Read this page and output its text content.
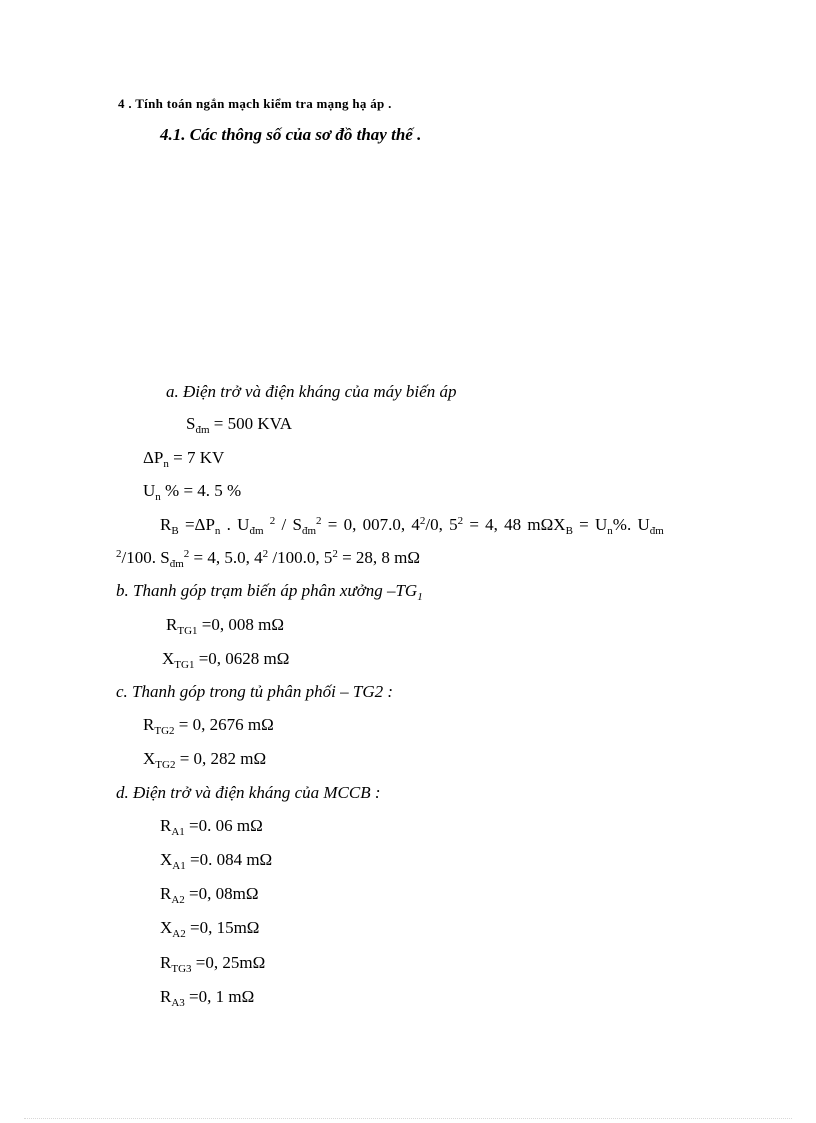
4 . Tính toán ngắn mạch kiểm tra mạng hạ áp .
4.1. Các thông số của sơ đồ thay thế .
a. Điện trở và điện kháng của máy biến áp
$S_{đm} = 500$ KVA
$\Delta P_n = 7$ KV
$U_n$ % = 4. 5 %
$R_B =\Delta P_n$ . $U_{đm}$ $^2 / S_{đm}^2 = 0$, 007.0, $4^2/0$, $5^2 = 4$, 48 $m\Omega X_B = U_n\%$. $U_{đm}$
$^2$/100. $S_{đm}^2 = 4$, 5.0, $4^2$ /100.0, $5^2 = 28$, 8 mΩ
b. Thanh góp trạm biến áp phân xưởng $-TG_1$
$R_{TG1} =0$, 008 mΩ
$X_{TG1} =0$, 0628 mΩ
c. Thanh góp trong tủ phân phối – TG2 :
$R_{TG2} = 0$, 2676 mΩ
$X_{TG2} = 0$, 282 mΩ
d. Điện trở và điện kháng của MCCB :
$R_{A1} =0$. 06 mΩ
$X_{A1} =0$. 084 mΩ
$R_{A2} =0$, 08mΩ
$X_{A2} =0$, 15mΩ
$R_{TG3} =0$, 25mΩ
$R_{A3} =0$, 1 mΩ
